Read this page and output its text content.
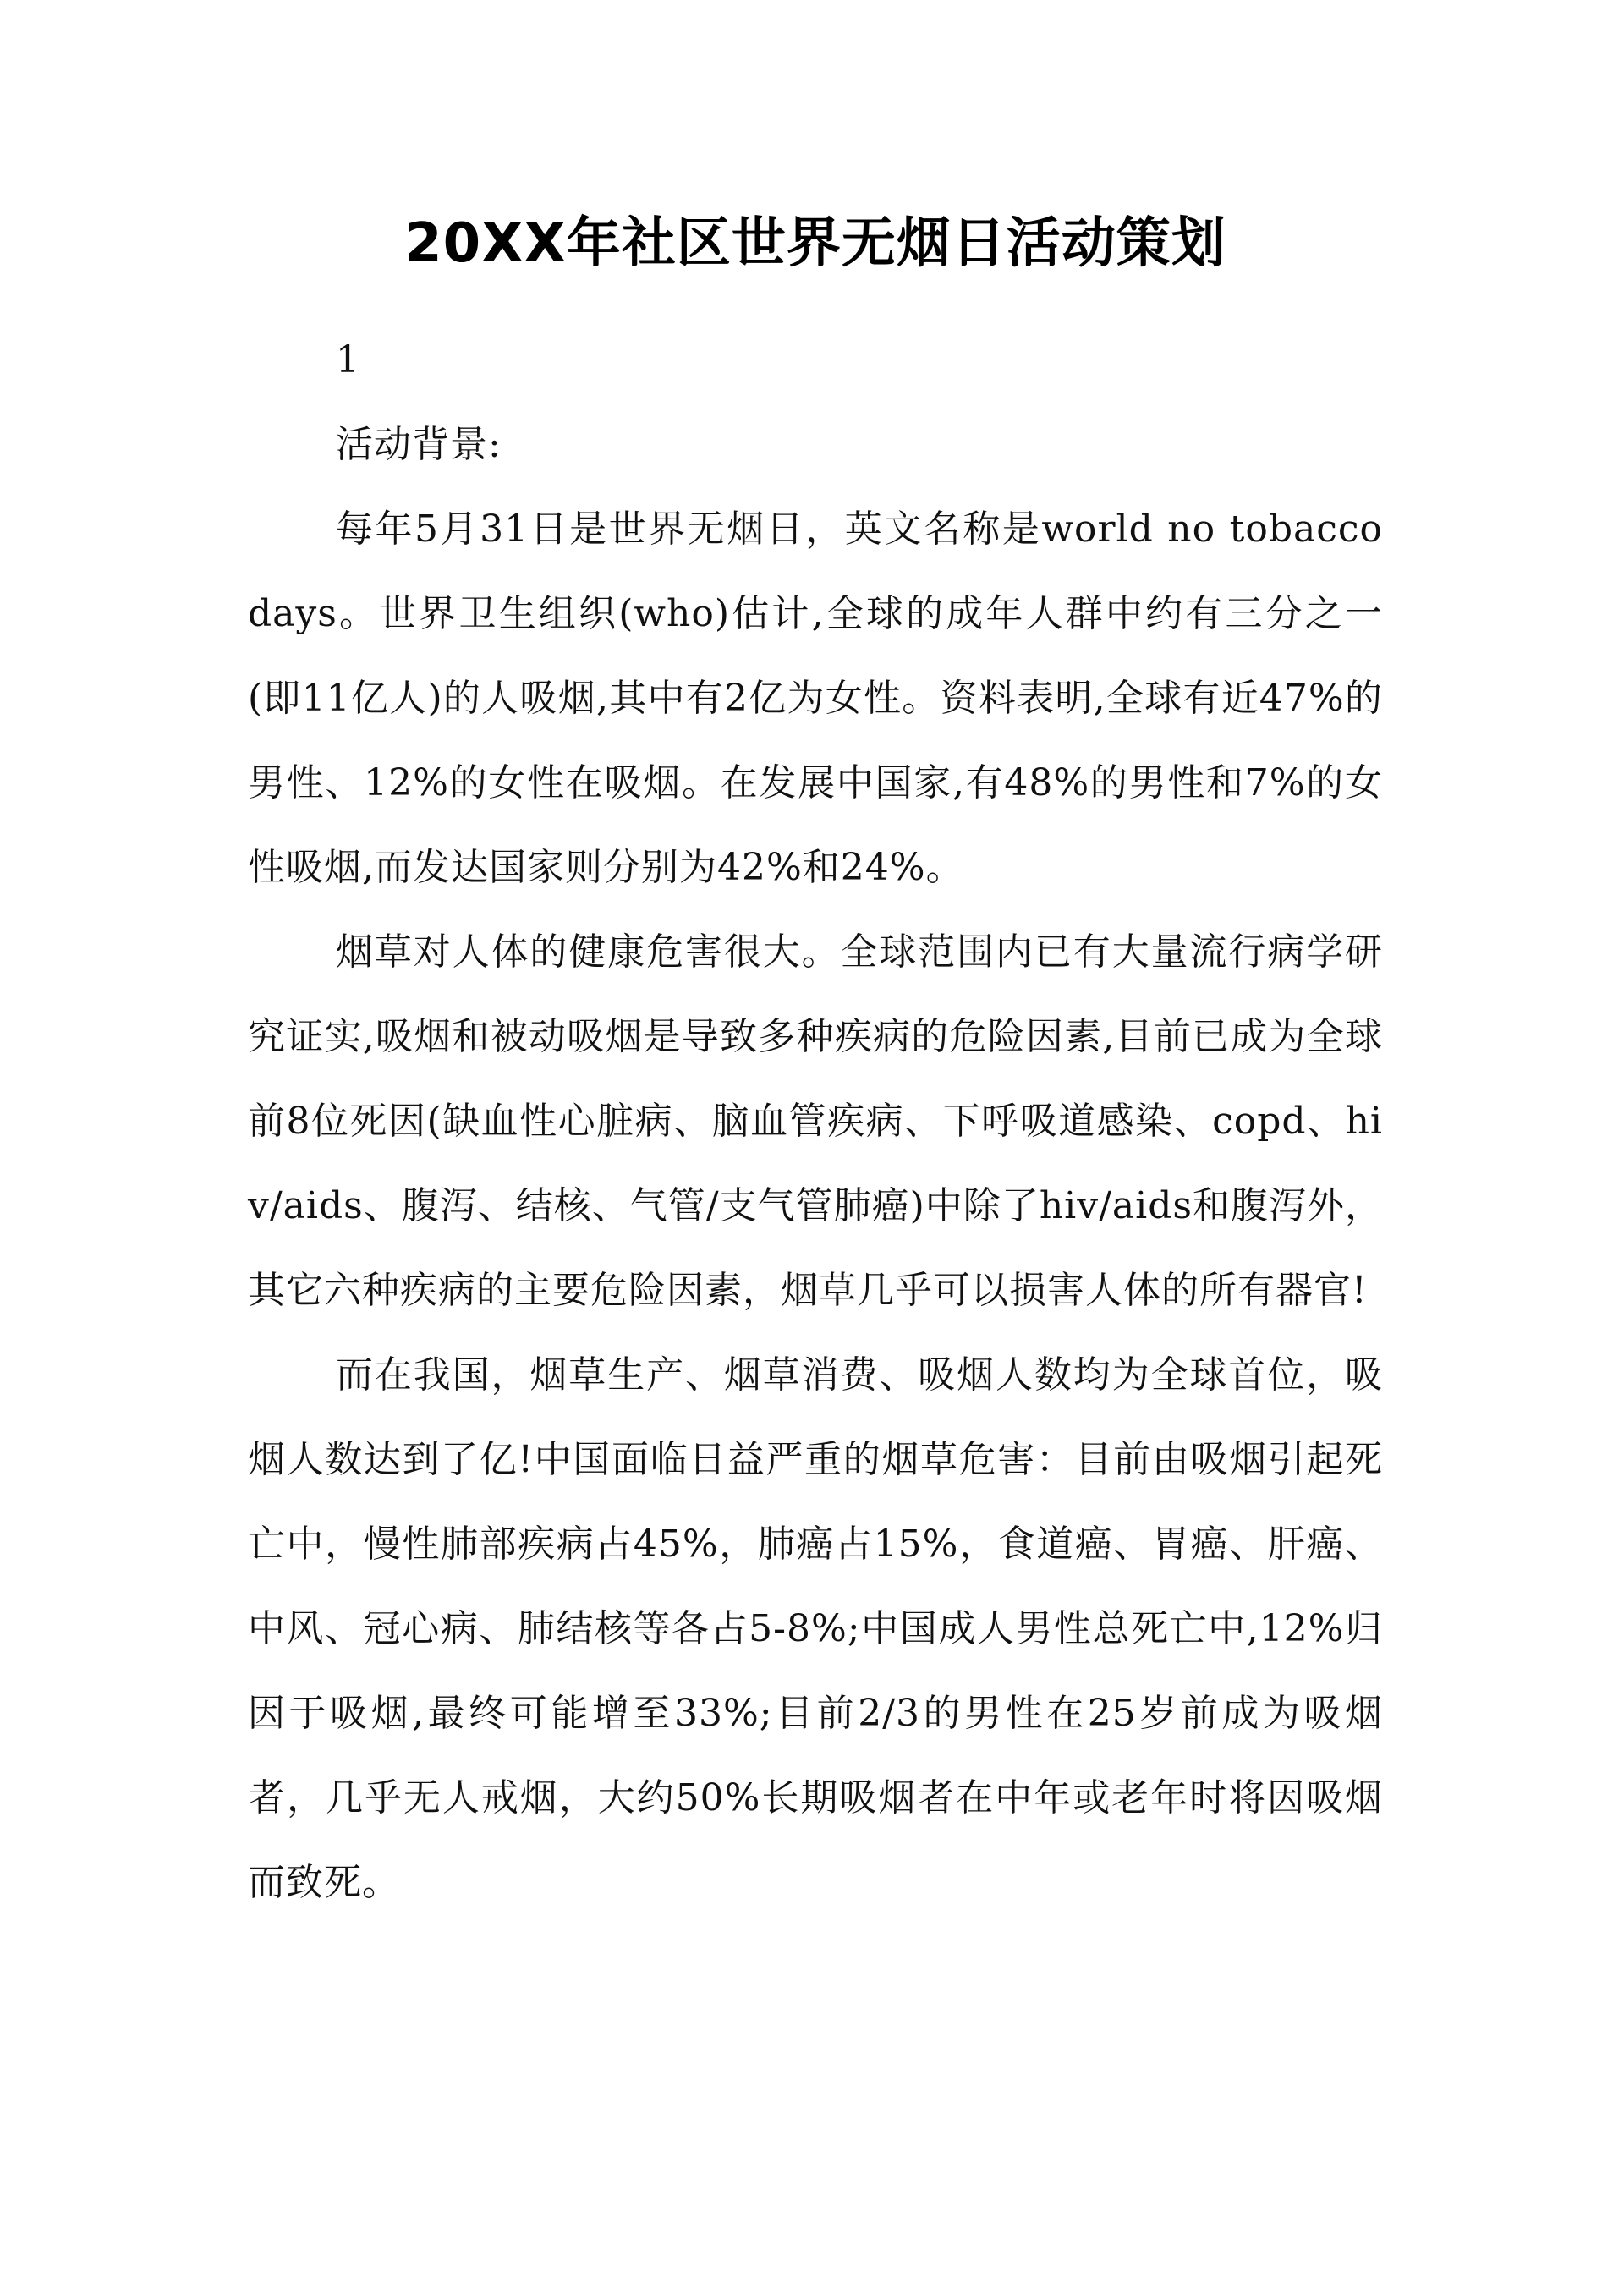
20XX年社区世界无烟日活动策划

1

活动背景:

每年5月31日是世界无烟日，英文名称是world no tobacco days。世界卫生组织(who)估计,全球的成年人群中约有三分之一(即11亿人)的人吸烟,其中有2亿为女性。资料表明,全球有近47%的男性、12%的女性在吸烟。在发展中国家,有48%的男性和7%的女性吸烟,而发达国家则分别为42%和24%。

烟草对人体的健康危害很大。全球范围内已有大量流行病学研究证实,吸烟和被动吸烟是导致多种疾病的危险因素,目前已成为全球前8位死因(缺血性心脏病、脑血管疾病、下呼吸道感染、copd、hiv/aids、腹泻、结核、气管/支气管肺癌)中除了hiv/aids和腹泻外，其它六种疾病的主要危险因素，烟草几乎可以损害人体的所有器官!

而在我国，烟草生产、烟草消费、吸烟人数均为全球首位，吸烟人数达到了亿!中国面临日益严重的烟草危害：目前由吸烟引起死亡中，慢性肺部疾病占45%，肺癌占15%，食道癌、胃癌、肝癌、中风、冠心病、肺结核等各占5-8%;中国成人男性总死亡中,12%归因于吸烟,最终可能增至33%;目前2/3的男性在25岁前成为吸烟者，几乎无人戒烟，大约50%长期吸烟者在中年或老年时将因吸烟而致死。
